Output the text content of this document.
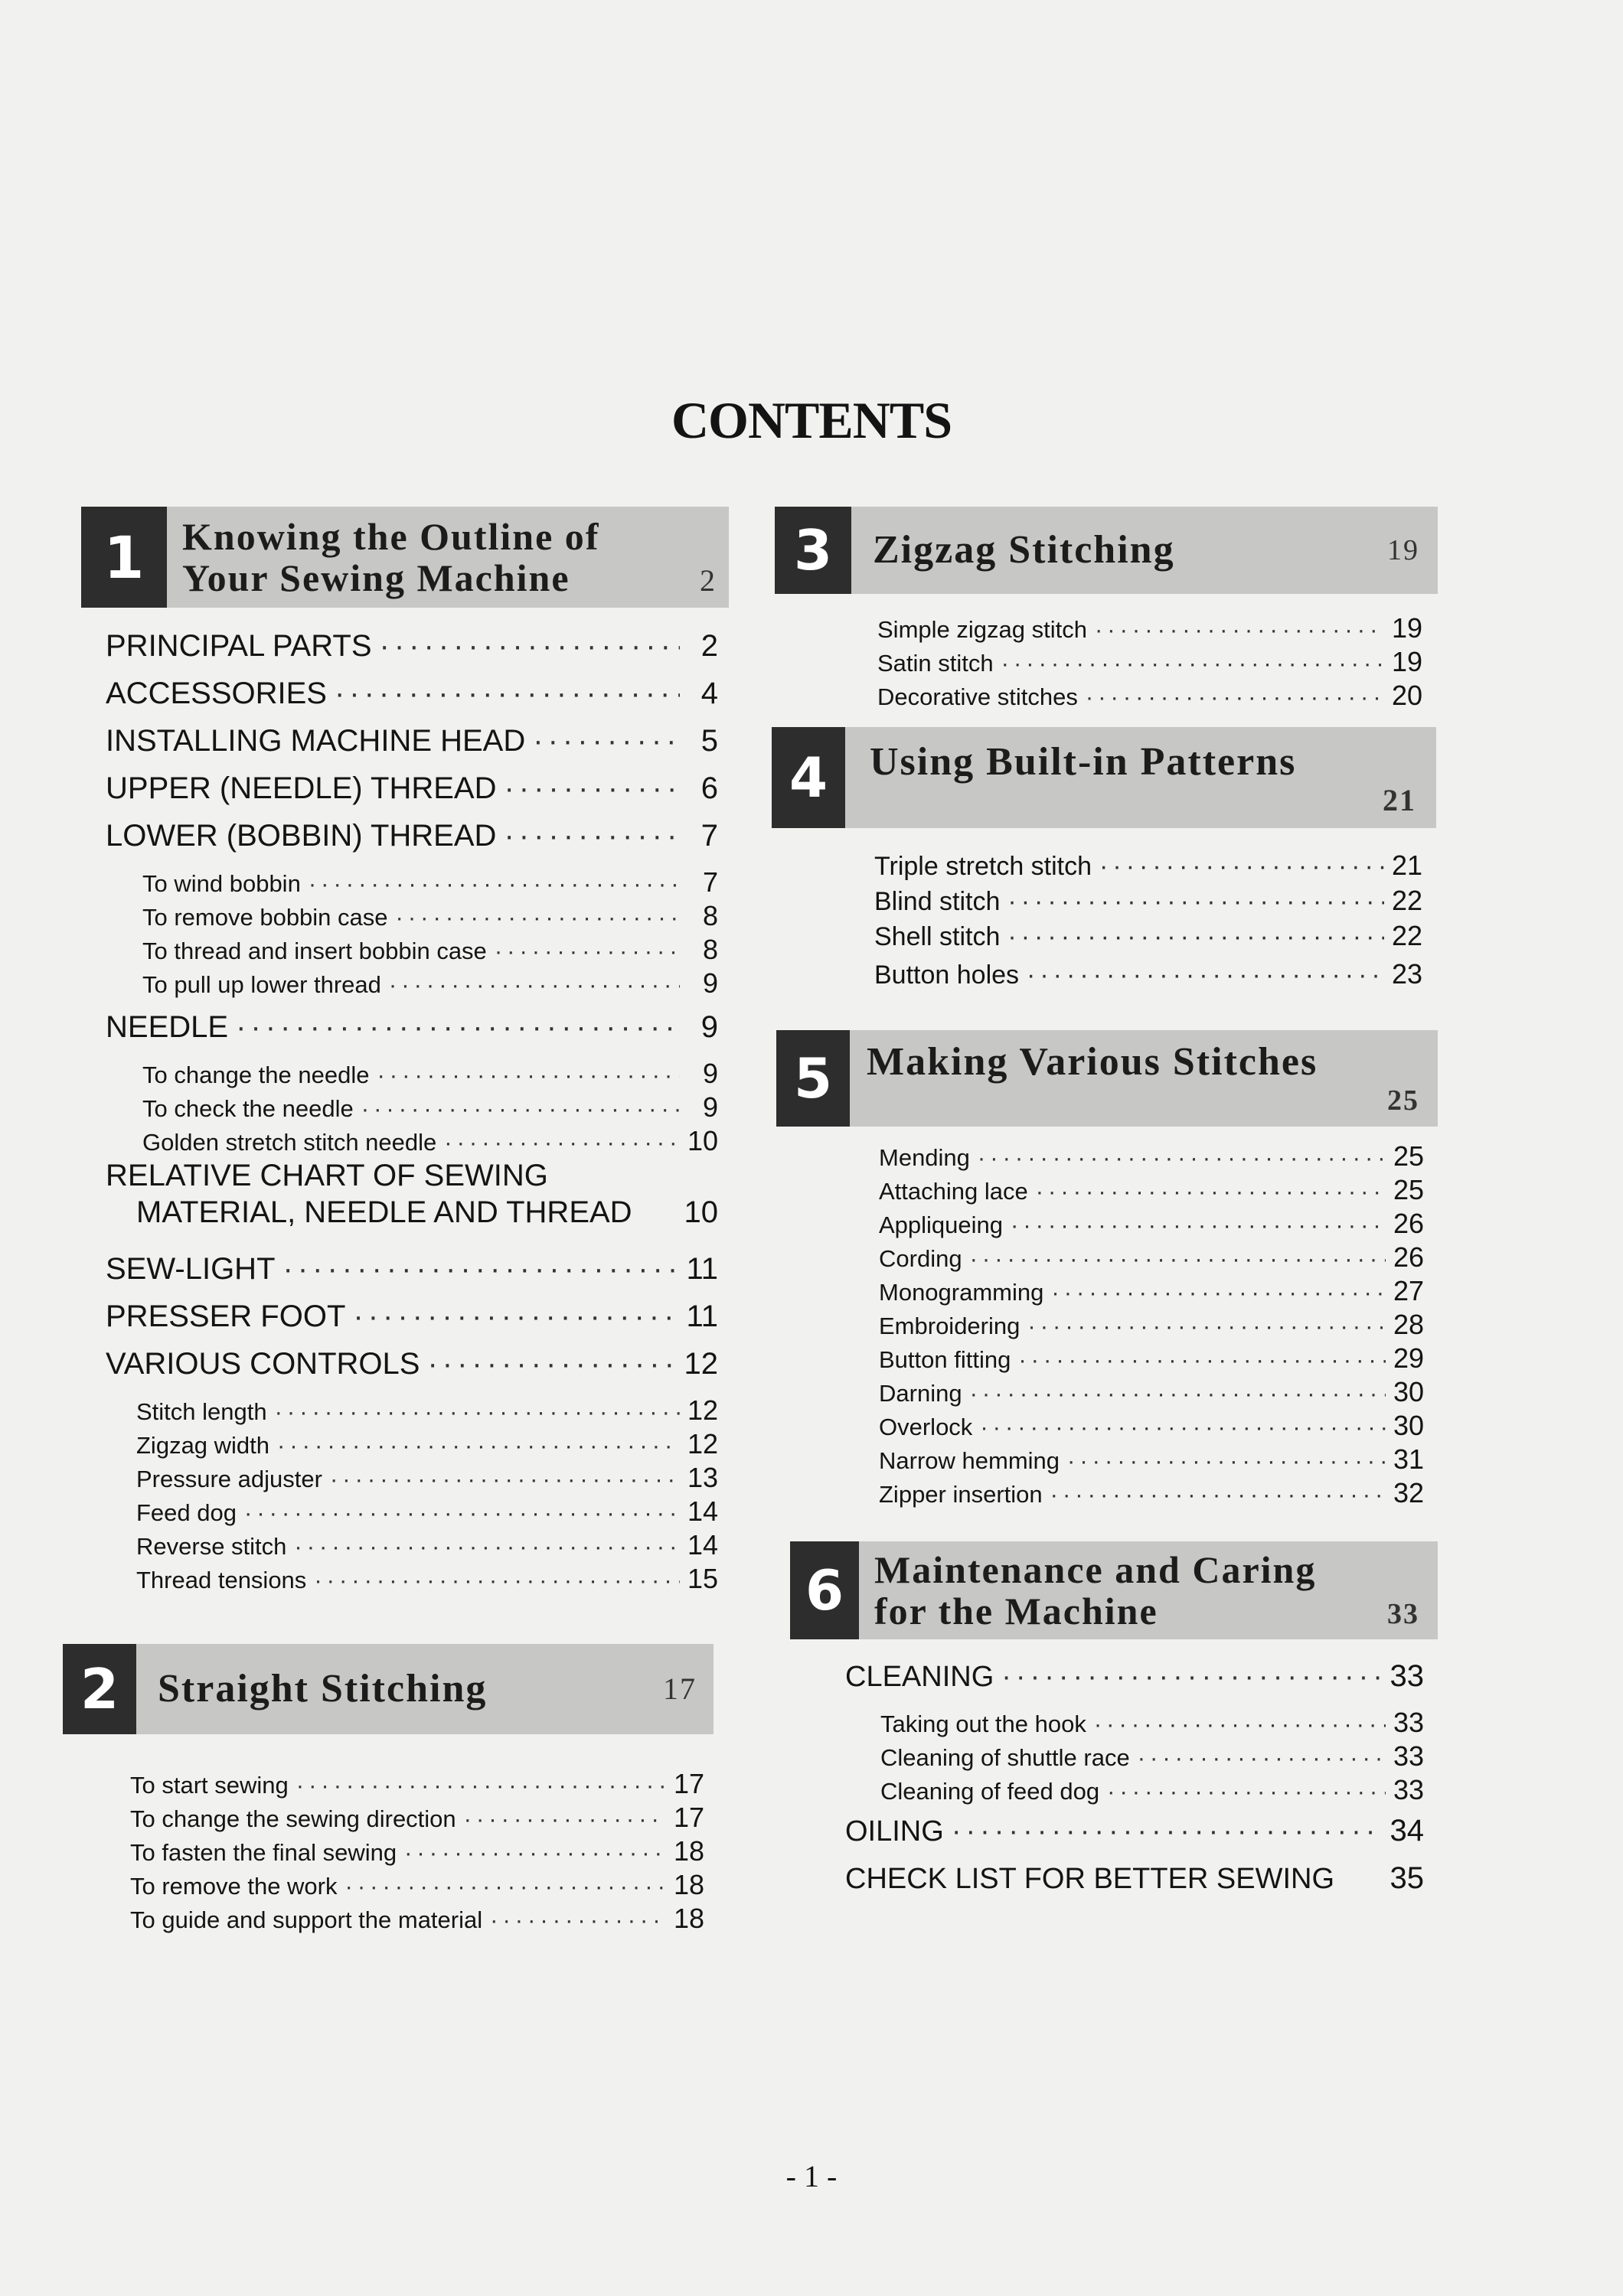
CONTENTS
1 Knowing the Outline of
Your Sewing Machine	2
PRINCIPAL PARTS ·····	2
ACCESSORIES ·····	4
INSTALLING MACHINE HEAD ·····	5
UPPER (NEEDLE) THREAD ·····	6
LOWER (BOBBIN) THREAD ·····	7
To wind bobbin ·····	7
To remove bobbin case ·····	8
To thread and insert bobbin case ·····	8
To pull up lower thread ·····	9
NEEDLE ·····	9
To change the needle ·····	9
To check the needle ·····	9
Golden stretch stitch needle ·····	10
RELATIVE CHART OF SEWING
MATERIAL, NEEDLE AND THREAD 10
SEW-LIGHT ·····	11
PRESSER FOOT ·····	11
VARIOUS CONTROLS ·····	12
Stitch length ·····	12
Zigzag width ·····	12
Pressure adjuster ·····	13
Feed dog ·····	14
Reverse stitch ·····	14
Thread tensions ·····	15
2 Straight Stitching	17
To start sewing ·····	17
To change the sewing direction ·····	17
To fasten the final sewing ·····	18
To remove the work ·····	18
To guide and support the material ·····	18
3	Zigzag Stitching	19
Simple zigzag stitch ·····	19
Satin stitch ·····	19
Decorative stitches ·····	20
4	Using Built-in Patterns
21
Triple stretch stitch ·····	21
Blind stitch ·····	22
Shell stitch ·····	22
Button holes ·····	23
5 Making Various Stitches
25
Mending ·····	25
Attaching lace ·····	25
Appliqueing ·····	26
Cording ·····	26
Monogramming ·····	27
Embroidering ·····	28
Button fitting ·····	29
Darning ·····	30
Overlock ·····	30
Narrow hemming ·····	31
Zipper insertion ·····	32
6 Maintenance and Caring
for the Machine	33
CLEANING ·····	33
Taking out the hook ·····	33
Cleaning of shuttle race ·····	33
Cleaning of feed dog ·····	33
OILING ·····	34
CHECK LIST FOR BETTER SEWING 35
- 1 -
